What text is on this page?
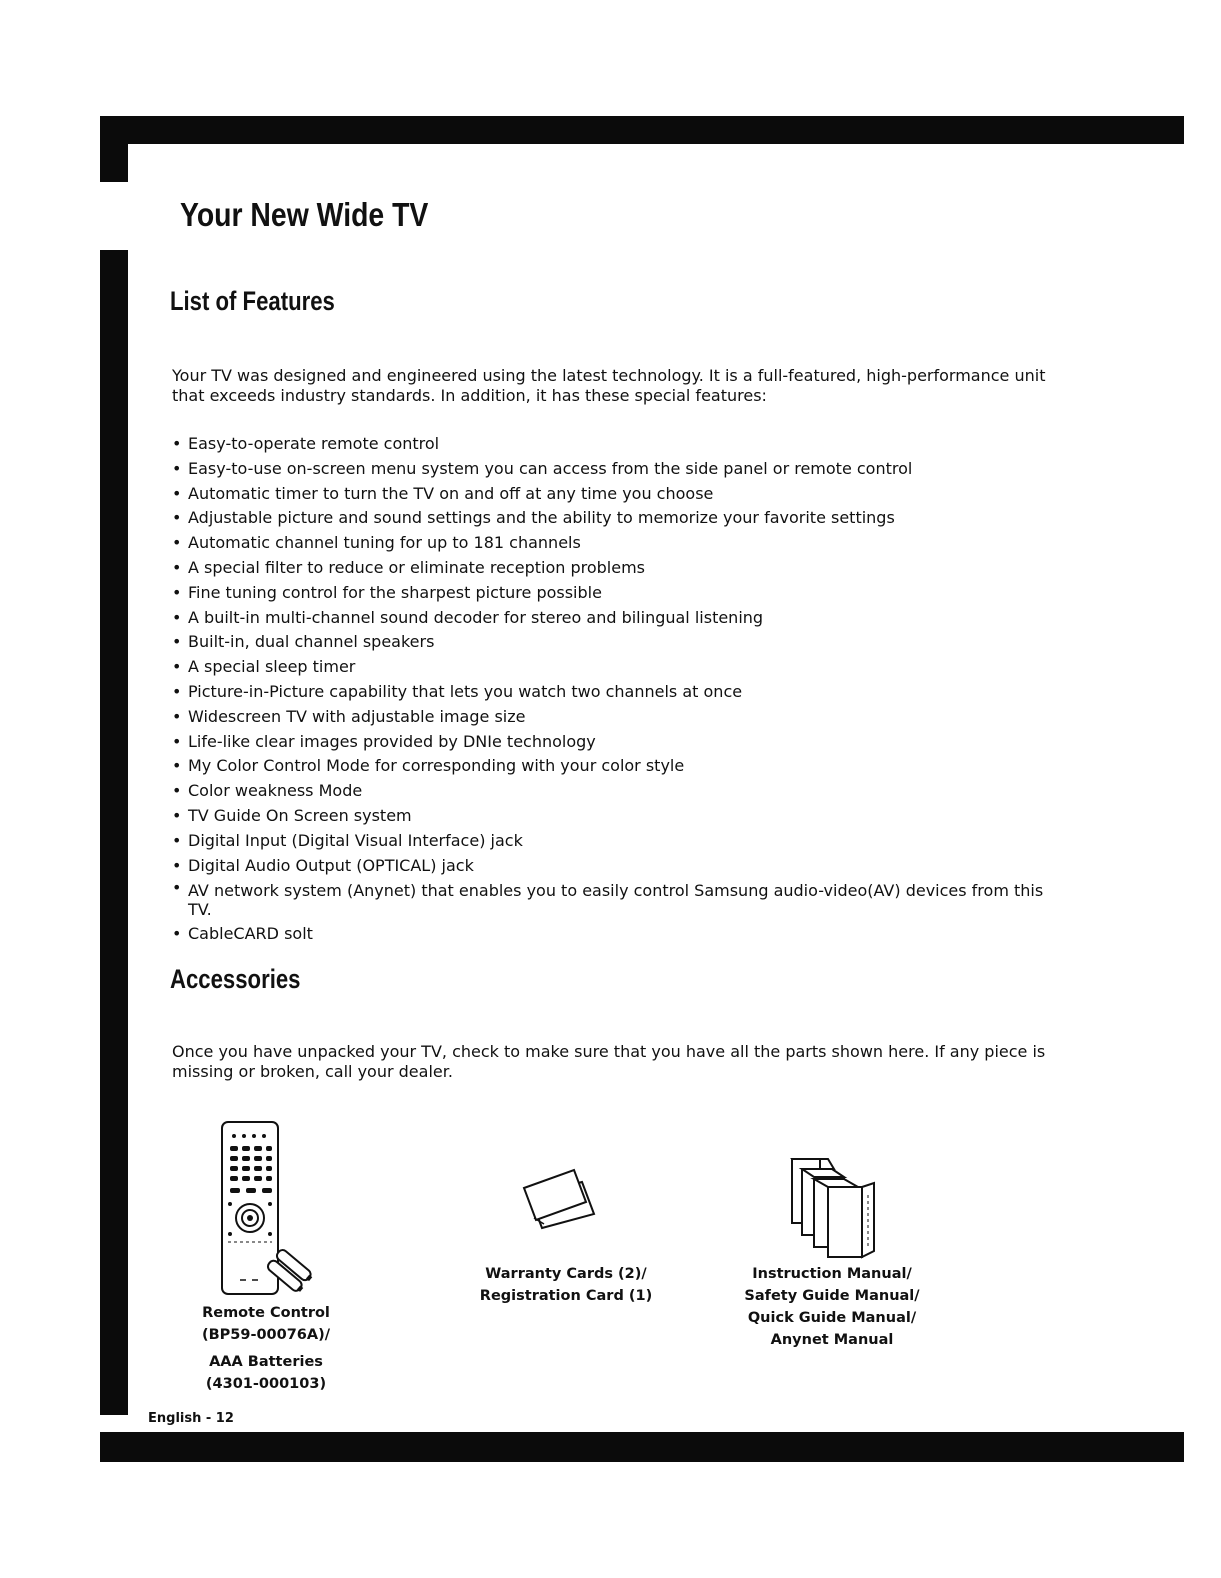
Your New Wide TV
List of Features

Your TV was designed and engineered using the latest technology. It is a full-featured, high-performance unit that exceeds industry standards. In addition, it has these special features:

• Easy-to-operate remote control
• Easy-to-use on-screen menu system you can access from the side panel or remote control
• Automatic timer to turn the TV on and off at any time you choose
• Adjustable picture and sound settings and the ability to memorize your favorite settings
• Automatic channel tuning for up to 181 channels
• A special filter to reduce or eliminate reception problems
• Fine tuning control for the sharpest picture possible
• A built-in multi-channel sound decoder for stereo and bilingual listening
• Built-in, dual channel speakers
• A special sleep timer
• Picture-in-Picture capability that lets you watch two channels at once
• Widescreen TV with adjustable image size
• Life-like clear images provided by DNIe technology
• My Color Control Mode for corresponding with your color style
• Color weakness Mode
• TV Guide On Screen system
• Digital Input (Digital Visual Interface) jack
• Digital Audio Output (OPTICAL) jack
• AV network system (Anynet) that enables you to easily control Samsung audio-video(AV) devices from this TV.
• CableCARD solt
Accessories

Once you have unpacked your TV, check to make sure that you have all the parts shown here. If any piece is missing or broken, call your dealer.

Remote Control
(BP59-00076A)/
AAA Batteries
(4301-000103)
Warranty Cards (2)/
Registration Card (1)
Instruction Manual/
Safety Guide Manual/
Quick Guide Manual/
Anynet Manual
English - 12
